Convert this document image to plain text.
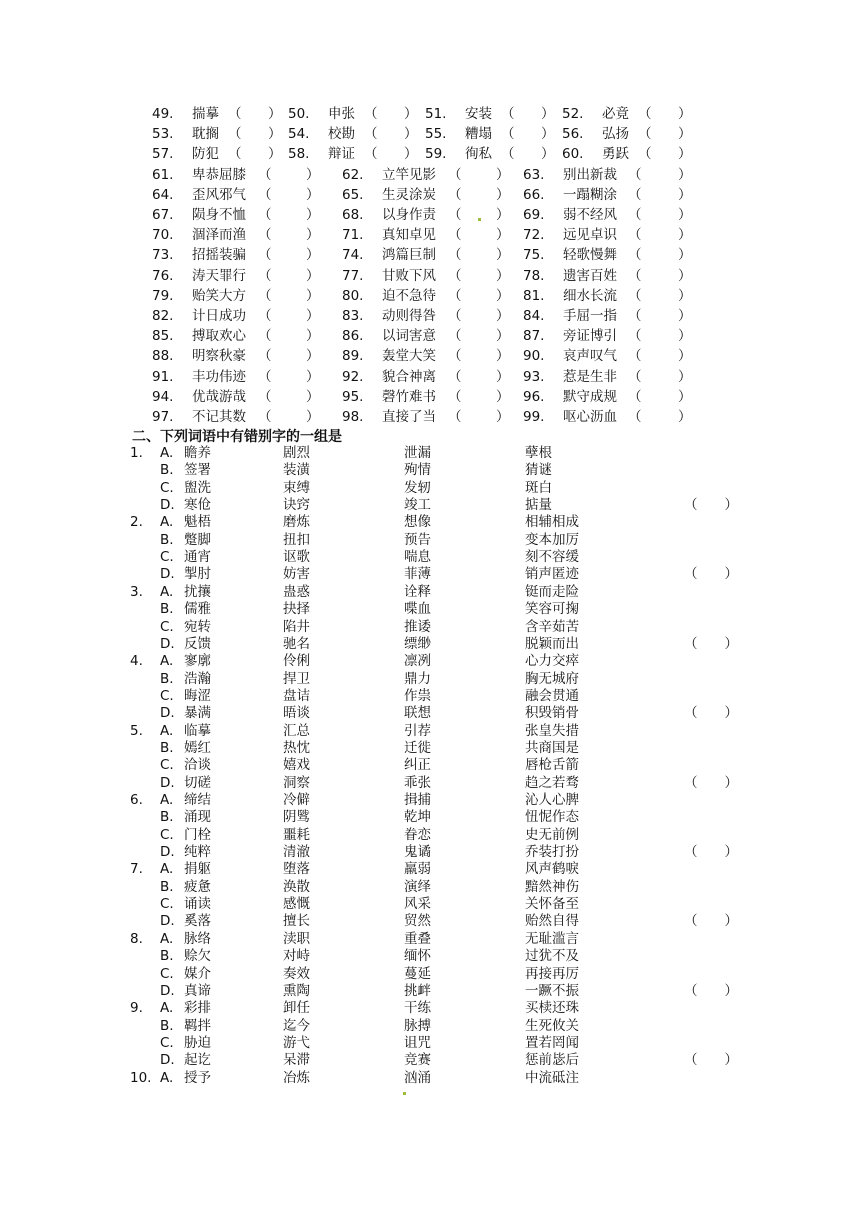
49. 揣摹 （ ） 50. 申张 （ ） 51. 安装 （ ） 52. 必竟 （ ）
53. 耽搁 （ ） 54. 校勘 （ ） 55. 糟塌 （ ） 56. 弘扬 （ ）
57. 防犯 （ ） 58. 辩证 （ ） 59. 徇私 （ ） 60. 勇跃 （ ）
61. 卑恭屈膝 （	） 62. 立竿见影 （	） 63. 别出新裁 （	）
64. 歪风邪气 （	） 65. 生灵涂炭 （	） 66. 一蹋糊涂 （	）
67. 陨身不恤 （	） 68. 以身作责 （	） 69. 弱不经风 （	）
70. 涸泽而渔 （	） 71. 真知卓见 （	） 72. 远见卓识 （	）
73. 招摇装骗 （	） 74. 鸿篇巨制 （	） 75. 轻歌慢舞 （	）
76. 涛天罪行 （	） 77. 甘败下风 （	） 78. 遗害百姓 （	）
79. 贻笑大方 （	） 80. 迫不急待 （	） 81. 细水长流 （	）
82. 计日成功 （	） 83. 动则得咎 （	） 84. 手屈一指 （	）
85. 搏取欢心 （	） 86. 以词害意 （	） 87. 旁证博引 （	）
88. 明察秋豪 （	） 89. 轰堂大笑 （	） 90. 哀声叹气 （	）
91. 丰功伟迹 （	） 92. 貌合神离 （	） 93. 惹是生非 （	）
94. 优哉游哉 （	） 95. 磬竹难书 （	） 96. 默守成规 （	）
97. 不记其数 （	） 98. 直接了当 （	） 99. 呕心沥血 （	）
二、下列词语中有错别字的一组是
1. A. 瞻养	剧烈	泄漏	孽根
B. 签署	装潢	殉情	猜谜
C. 盥洗	束缚	发轫	斑白
D. 寒伧	诀窍	竣工	掂量	（　　）
2. A. 魁梧	磨炼	想像	相辅相成
B. 蹩脚	扭扣	预告	变本加厉
C. 通宵	讴歌	喘息	刻不容缓
D. 掣肘	妨害	菲薄	销声匿迹	（　　）
3. A. 扰攘	蛊惑	诠释	铤而走险
B. 儒雅	抉择	喋血	笑容可掬
C. 宛转	陷井	推诿	含辛茹苦
D. 反馈	驰名	缥缈	脱颖而出	（　　）
4. A. 寥廓	伶俐	凛冽	心力交瘁
B. 浩瀚	捍卫	鼎力	胸无城府
C. 晦涩	盘诘	作祟	融会贯通
D. 暴满	晤谈	联想	积毁销骨	（　　）
5. A. 临摹	汇总	引荐	张皇失措
B. 嫣红	热忱	迁徙	共商国是
C. 洽谈	嬉戏	纠正	唇枪舌箭
D. 切磋	洞察	乖张	趋之若骛	（　　）
6. A. 缔结	冷僻	揖捕	沁人心脾
B. 涌现	阴骘	乾坤	忸怩作态
C. 门栓	噩耗	眷恋	史无前例
D. 纯粹	清澈	鬼谲	乔装打扮	（　　）
7. A. 捐躯	堕落	羸弱	风声鹤唳
B. 疲惫	涣散	演绎	黯然神伤
C. 诵读	感慨	风采	关怀备至
D. 奚落	擅长	贸然	贻然自得	（　　）
8. A. 脉络	渎职	重叠	无耻滥言
B. 赊欠	对峙	缅怀	过犹不及
C. 媒介	奏效	蔓延	再接再厉
D. 真谛	熏陶	挑衅	一蹶不振	（　　）
9. A. 彩排	卸任	干练	买椟还珠
B. 羁拌	迄今	脉搏	生死攸关
C. 胁迫	游弋	诅咒	置若罔闻
D. 起讫	呆滞	竞赛	惩前毖后	（　　）
10. A. 授予	冶炼	汹涌	中流砥注
